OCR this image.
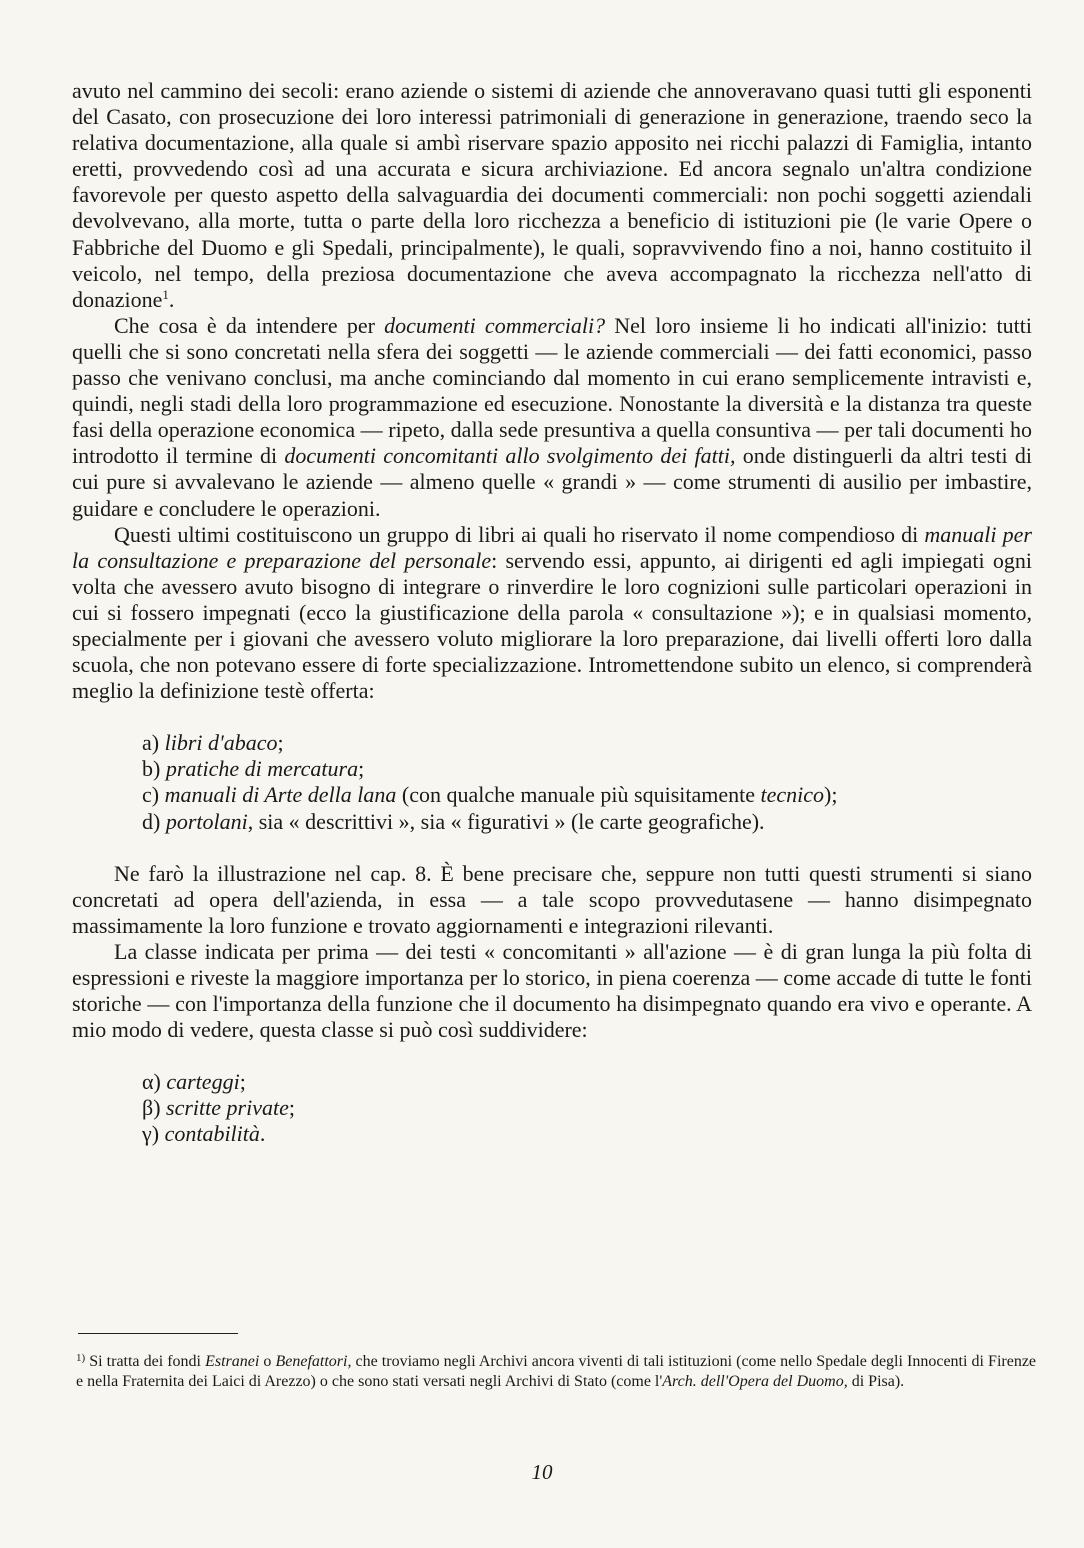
avuto nel cammino dei secoli: erano aziende o sistemi di aziende che annoveravano quasi tutti gli esponenti del Casato, con prosecuzione dei loro interessi patrimoniali di generazione in generazione, traendo seco la relativa documentazione, alla quale si ambì riservare spazio apposito nei ricchi palazzi di Famiglia, intanto eretti, provvedendo così ad una accurata e sicura archiviazione. Ed ancora segnalo un'altra condizione favorevole per questo aspetto della salvaguardia dei documenti commerciali: non pochi soggetti aziendali devolvevano, alla morte, tutta o parte della loro ricchezza a beneficio di istituzioni pie (le varie Opere o Fabbriche del Duomo e gli Spedali, principalmente), le quali, sopravvivendo fino a noi, hanno costituito il veicolo, nel tempo, della preziosa documentazione che aveva accompagnato la ricchezza nell'atto di donazione$^1$.

Che cosa è da intendere per documenti commerciali? Nel loro insieme li ho indicati all'inizio: tutti quelli che si sono concretati nella sfera dei soggetti — le aziende commerciali — dei fatti economici, passo passo che venivano conclusi, ma anche cominciando dal momento in cui erano semplicemente intravisti e, quindi, negli stadi della loro programmazione ed esecuzione. Nonostante la diversità e la distanza tra queste fasi della operazione economica — ripeto, dalla sede presuntiva a quella consuntiva — per tali documenti ho introdotto il termine di documenti concomitanti allo svolgimento dei fatti, onde distinguerli da altri testi di cui pure si avvalevano le aziende — almeno quelle « grandi » — come strumenti di ausilio per imbastire, guidare e concludere le operazioni.

Questi ultimi costituiscono un gruppo di libri ai quali ho riservato il nome compendioso di manuali per la consultazione e preparazione del personale: servendo essi, appunto, ai dirigenti ed agli impiegati ogni volta che avessero avuto bisogno di integrare o rinverdire le loro cognizioni sulle particolari operazioni in cui si fossero impegnati (ecco la giustificazione della parola « consultazione »); e in qualsiasi momento, specialmente per i giovani che avessero voluto migliorare la loro preparazione, dai livelli offerti loro dalla scuola, che non potevano essere di forte specializzazione. Intromettendone subito un elenco, si comprenderà meglio la definizione testè offerta:

a) libri d'abaco;
b) pratiche di mercatura;
c) manuali di Arte della lana (con qualche manuale più squisitamente tecnico);
d) portolani, sia « descrittivi », sia « figurativi » (le carte geografiche).

Ne farò la illustrazione nel cap. 8. È bene precisare che, seppure non tutti questi strumenti si siano concretati ad opera dell'azienda, in essa — a tale scopo provvedutasene — hanno disimpegnato massimamente la loro funzione e trovato aggiornamenti e integrazioni rilevanti.

La classe indicata per prima — dei testi « concomitanti » all'azione — è di gran lunga la più folta di espressioni e riveste la maggiore importanza per lo storico, in piena coerenza — come accade di tutte le fonti storiche — con l'importanza della funzione che il documento ha disimpegnato quando era vivo e operante. A mio modo di vedere, questa classe si può così suddividere:

α) carteggi;
β) scritte private;
γ) contabilità.

$^{1)}$ Si tratta dei fondi Estranei o Benefattori, che troviamo negli Archivi ancora viventi di tali istituzioni (come nello Spedale degli Innocenti di Firenze e nella Fraternita dei Laici di Arezzo) o che sono stati versati negli Archivi di Stato (come l'Arch. dell'Opera del Duomo, di Pisa).

10
